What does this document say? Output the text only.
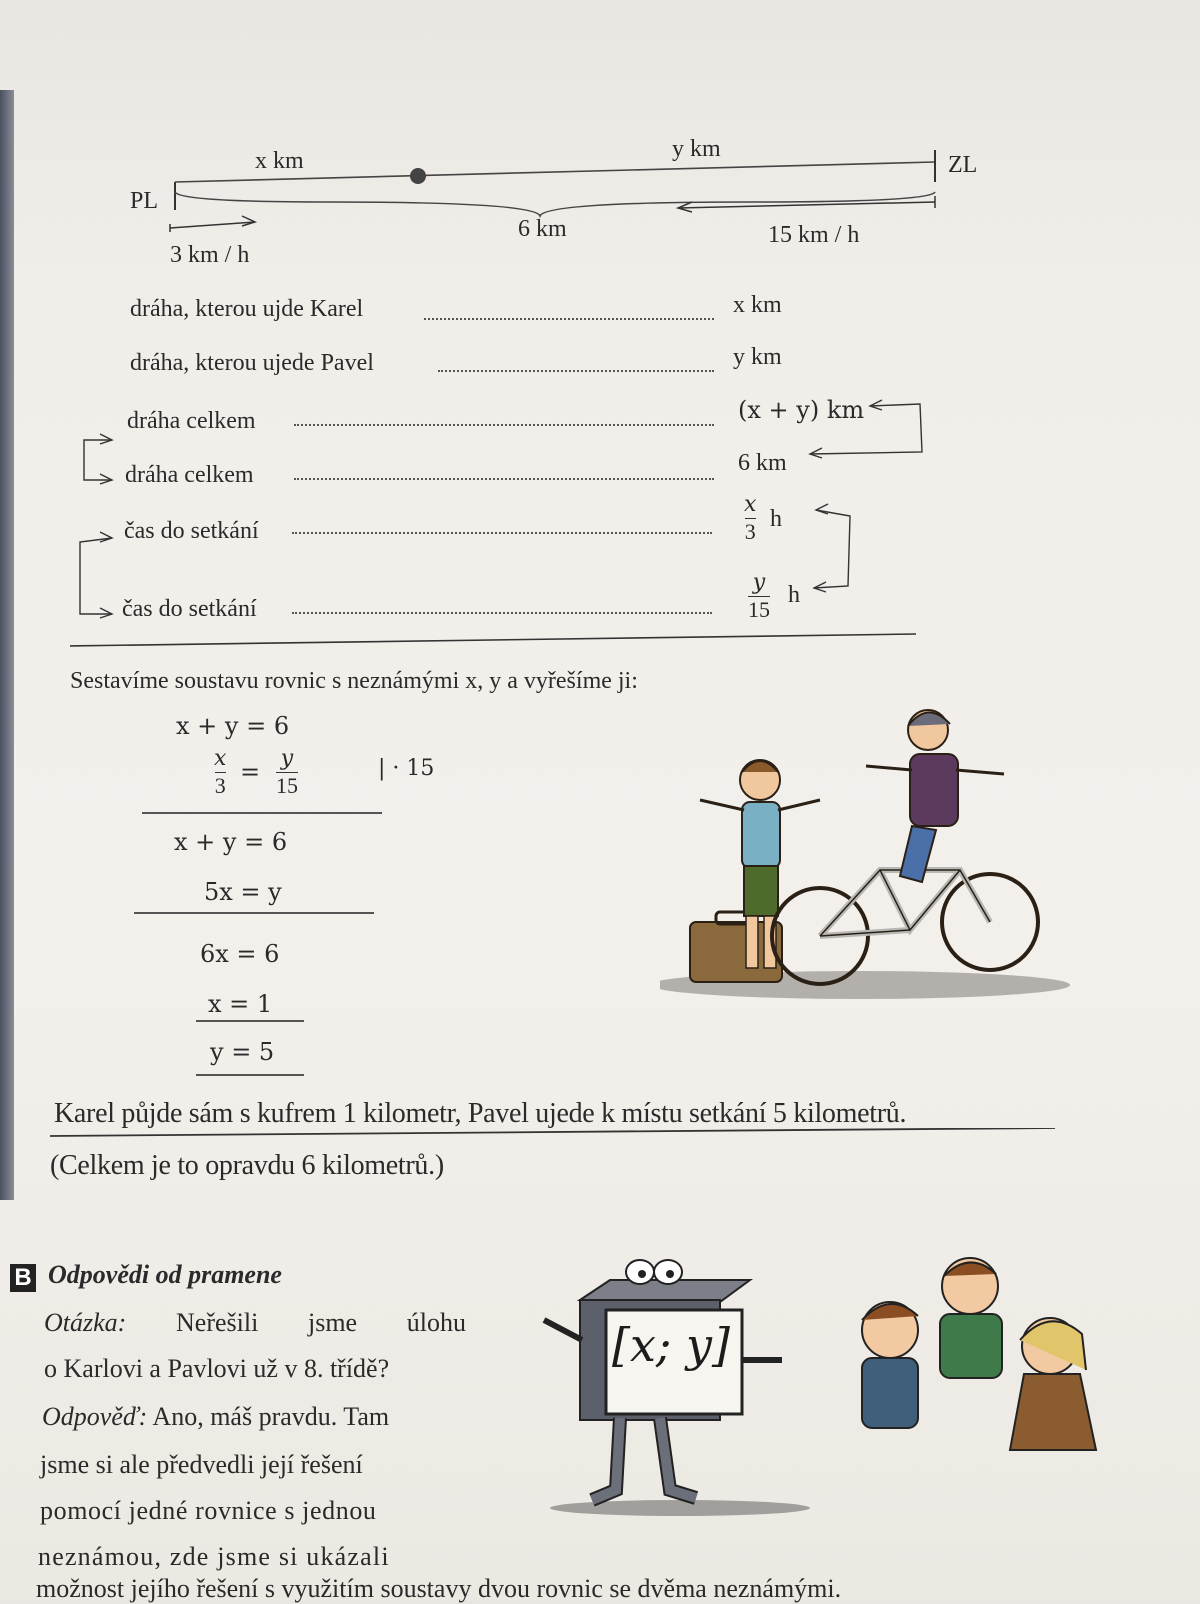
x km	y km
PL
ZL
6 km
3 km / h
15 km / h
dráha, kterou ujde Karel	x km
dráha, kterou ujede Pavel	y km
dráha celkem	(x + y) km
dráha celkem	6 km
čas do setkání	$\frac{x}{3}$ h
čas do setkání	$\frac{y}{15}$ h
Sestavíme soustavu rovnic s neznámými x, y a vyřešíme ji:
x + y = 6
$\frac{x}{3} = \frac{y}{15}$	| · 15
x + y = 6
5x = y
6x = 6
x = 1
y = 5
Karel půjde sám s kufrem 1 kilometr, Pavel ujede k místu setkání 5 kilometrů.
(Celkem je to opravdu 6 kilometrů.)
B Odpovědi od pramene
Otázka: Neřešili jsme úlohu
o Karlovi a Pavlovi už v 8. třídě?
Odpověď: Ano, máš pravdu. Tam
jsme si ale předvedli její řešení
pomocí jedné rovnice s jednou
neznámou, zde jsme si ukázali
možnost jejího řešení s využitím soustavy dvou rovnic se dvěma neznámými.
[x; y]
